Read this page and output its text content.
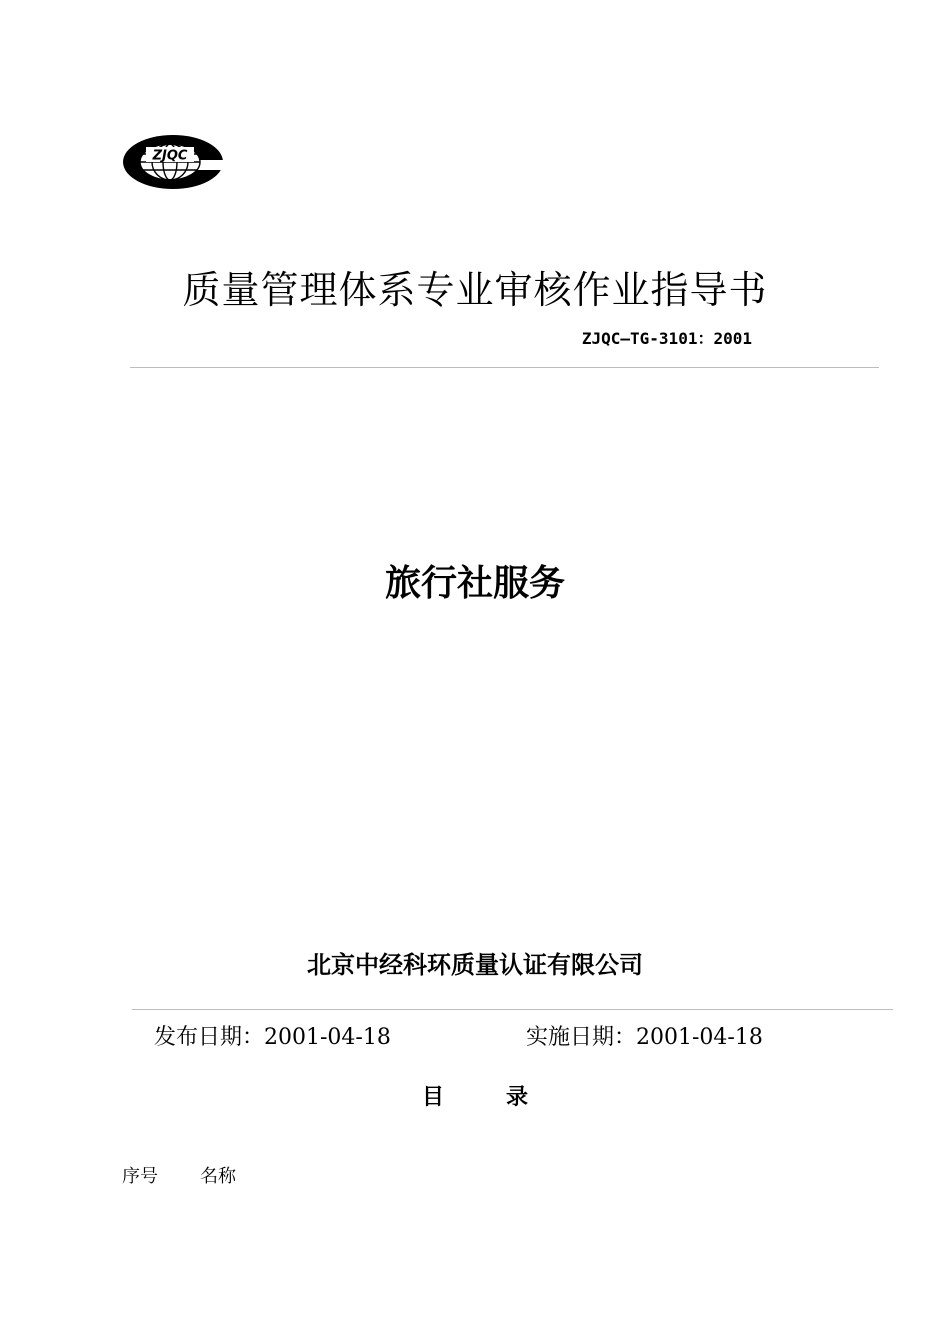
ZJQC
质量管理体系专业审核作业指导书
ZJQC—TG-3101：2001
旅行社服务
北京中经科环质量认证有限公司
发布日期：2001-04-18	实施日期：2001-04-18
目	录
序号 名称
